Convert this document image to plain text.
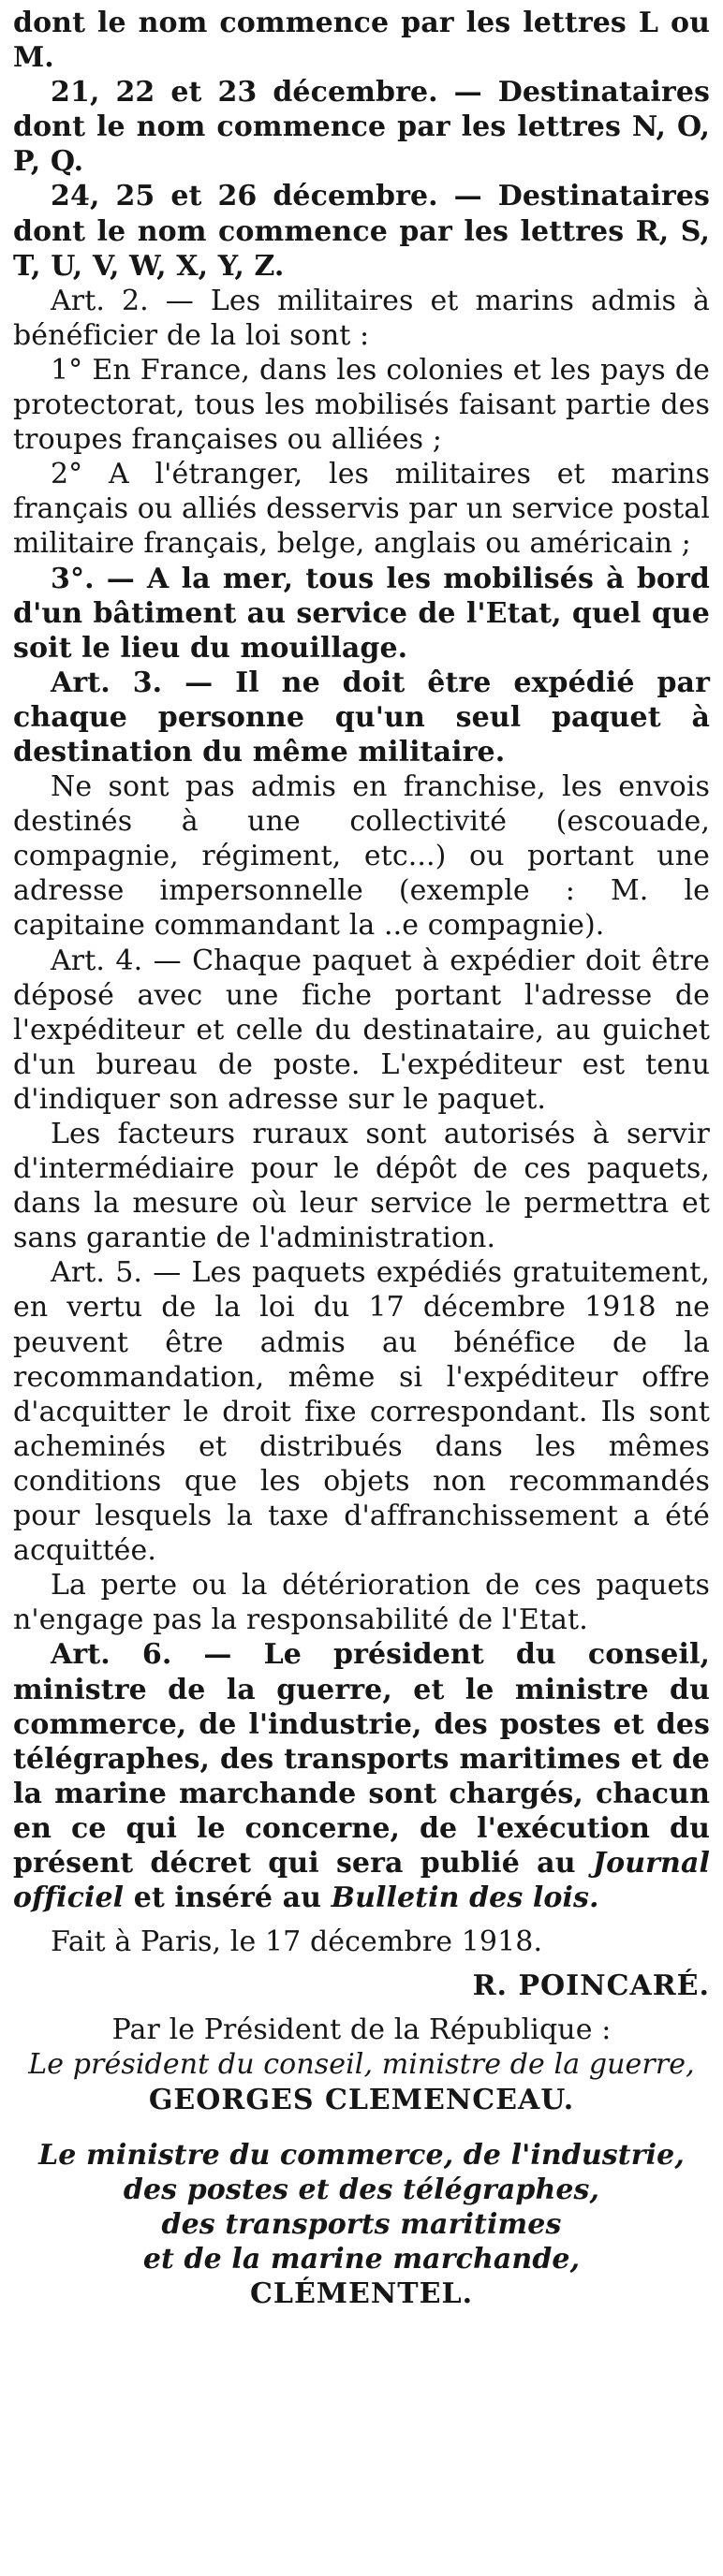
dont le nom commence par les lettres L ou M.

21, 22 et 23 décembre. — Destinataires dont le nom commence par les lettres N, O, P, Q.

24, 25 et 26 décembre. — Destinataires dont le nom commence par les lettres R, S, T, U, V, W, X, Y, Z.

Art. 2. — Les militaires et marins admis à bénéficier de la loi sont :

1° En France, dans les colonies et les pays de protectorat, tous les mobilisés faisant partie des troupes françaises ou alliées ;

2° A l'étranger, les militaires et marins français ou alliés desservis par un service postal militaire français, belge, anglais ou américain ;

3°. — A la mer, tous les mobilisés à bord d'un bâtiment au service de l'Etat, quel que soit le lieu du mouillage.

Art. 3. — Il ne doit être expédié par chaque personne qu'un seul paquet à destination du même militaire.

Ne sont pas admis en franchise, les envois destinés à une collectivité (escouade, compagnie, régiment, etc...) ou portant une adresse impersonnelle (exemple : M. le capitaine commandant la ..e compagnie).

Art. 4. — Chaque paquet à expédier doit être déposé avec une fiche portant l'adresse de l'expéditeur et celle du destinataire, au guichet d'un bureau de poste. L'expéditeur est tenu d'indiquer son adresse sur le paquet.

Les facteurs ruraux sont autorisés à servir d'intermédiaire pour le dépôt de ces paquets, dans la mesure où leur service le permettra et sans garantie de l'administration.

Art. 5. — Les paquets expédiés gratuitement, en vertu de la loi du 17 décembre 1918 ne peuvent être admis au bénéfice de la recommandation, même si l'expéditeur offre d'acquitter le droit fixe correspondant. Ils sont acheminés et distribués dans les mêmes conditions que les objets non recommandés pour lesquels la taxe d'affranchissement a été acquittée.

La perte ou la détérioration de ces paquets n'engage pas la responsabilité de l'Etat.

Art. 6. — Le président du conseil, ministre de la guerre, et le ministre du commerce, de l'industrie, des postes et des télégraphes, des transports maritimes et de la marine marchande sont chargés, chacun en ce qui le concerne, de l'exécution du présent décret qui sera publié au Journal officiel et inséré au Bulletin des lois.

Fait à Paris, le 17 décembre 1918.

R. POINCARÉ.

Par le Président de la République :

Le président du conseil, ministre de la guerre,

GEORGES CLEMENCEAU.

Le ministre du commerce, de l'industrie,

des postes et des télégraphes,

des transports maritimes

et de la marine marchande,

CLÉMENTEL.
